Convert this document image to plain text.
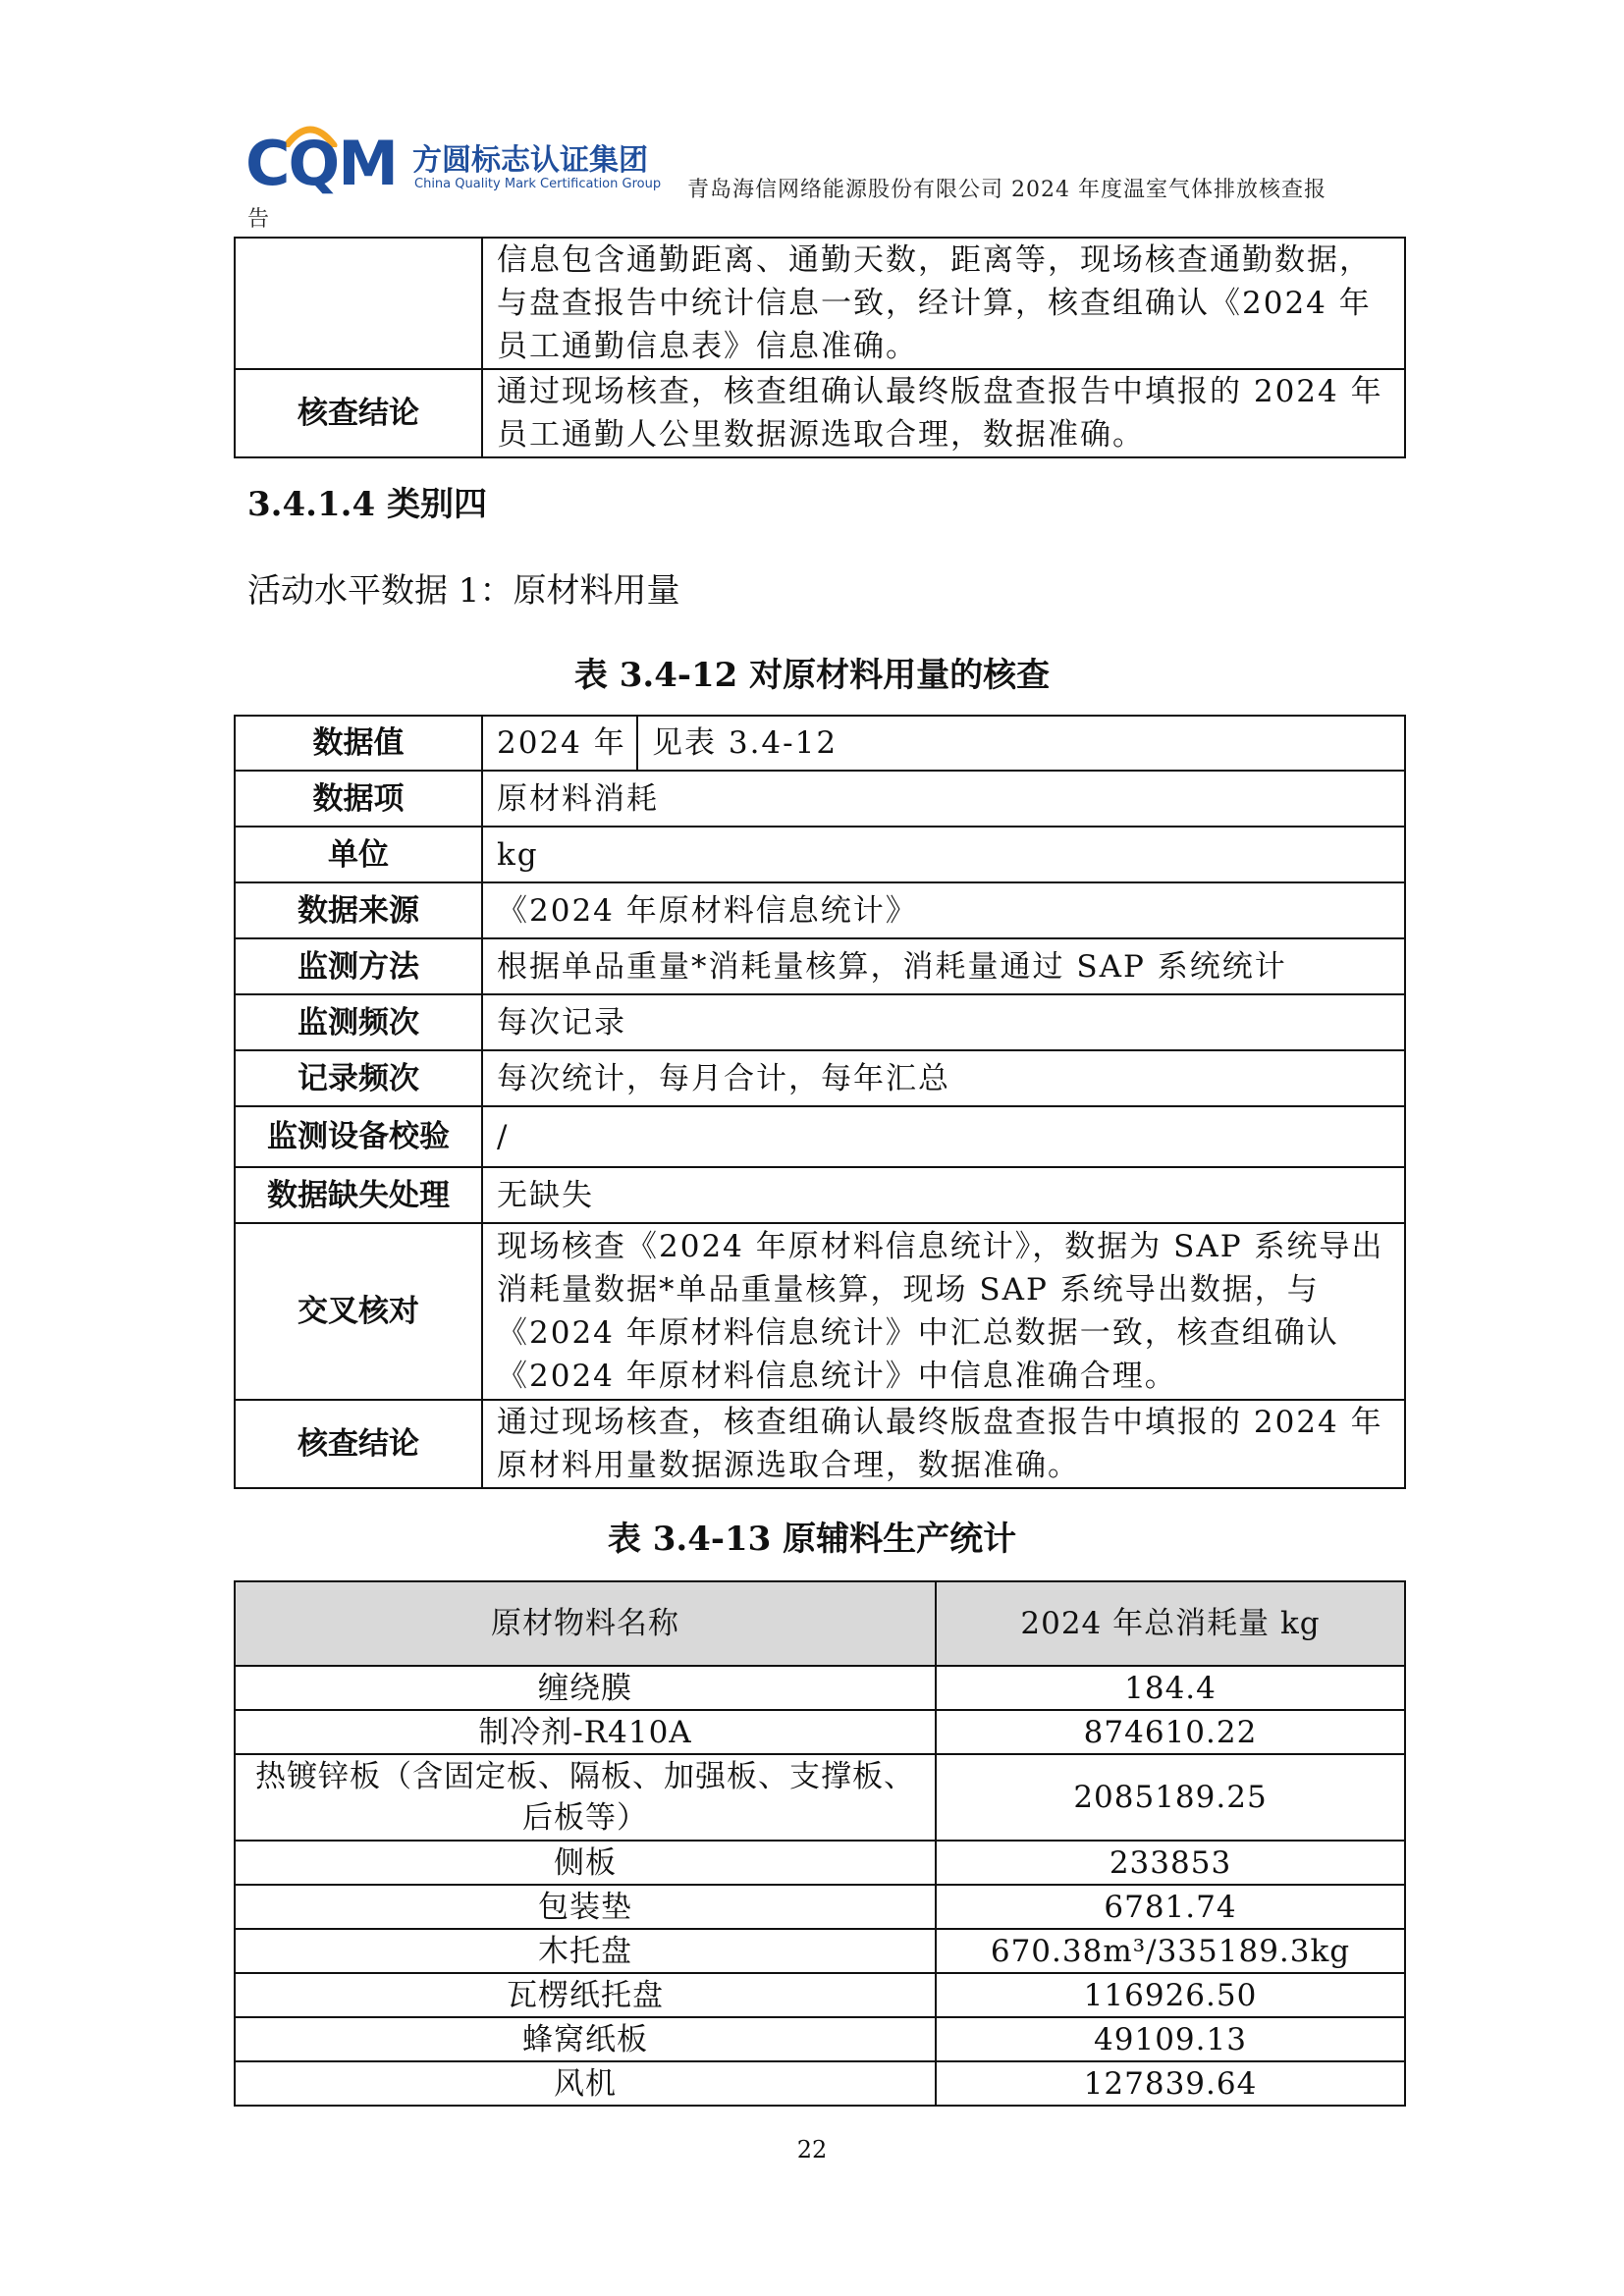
CQM 方圆标志认证集团
China Quality Mark Certification Group 青岛海信网络能源股份有限公司 2024 年度温室气体排放核查报
告

	信息包含通勤距离、通勤天数，距离等，现场核查通勤数据，
与盘查报告中统计信息一致，经计算，核查组确认《2024 年
员工通勤信息表》信息准确。

核查结论	通过现场核查，核查组确认最终版盘查报告中填报的 2024 年
员工通勤人公里数据源选取合理，数据准确。
3.4.1.4 类别四
活动水平数据 1：原材料用量
表 3.4-12 对原材料用量的核查
数据值	2024 年	见表 3.4-12
数据项	原材料消耗	
单位	kg	
数据来源	《2024 年原材料信息统计》	
监测方法	根据单品重量*消耗量核算，消耗量通过 SAP 系统统计	
监测频次	每次记录	
记录频次	每次统计，每月合计，每年汇总	
监测设备校验	/	
数据缺失处理	无缺失	
交叉核对	现场核查《2024 年原材料信息统计》，数据为 SAP 系统导出
消耗量数据*单品重量核算，现场 SAP 系统导出数据，与
《2024 年原材料信息统计》中汇总数据一致，核查组确认
《2024 年原材料信息统计》中信息准确合理。	

核查结论	通过现场核查，核查组确认最终版盘查报告中填报的 2024 年
原材料用量数据源选取合理，数据准确。	
表 3.4-13 原辅料生产统计
原材物料名称	2024 年总消耗量 kg
缠绕膜	184.4
制冷剂-R410A	874610.22
热镀锌板（含固定板、隔板、加强板、支撑板、后板等）	2085189.25
侧板	233853
包装垫	6781.74
木托盘	670.38m³/335189.3kg
瓦楞纸托盘	116926.50
蜂窝纸板	49109.13
风机	127839.64
22
